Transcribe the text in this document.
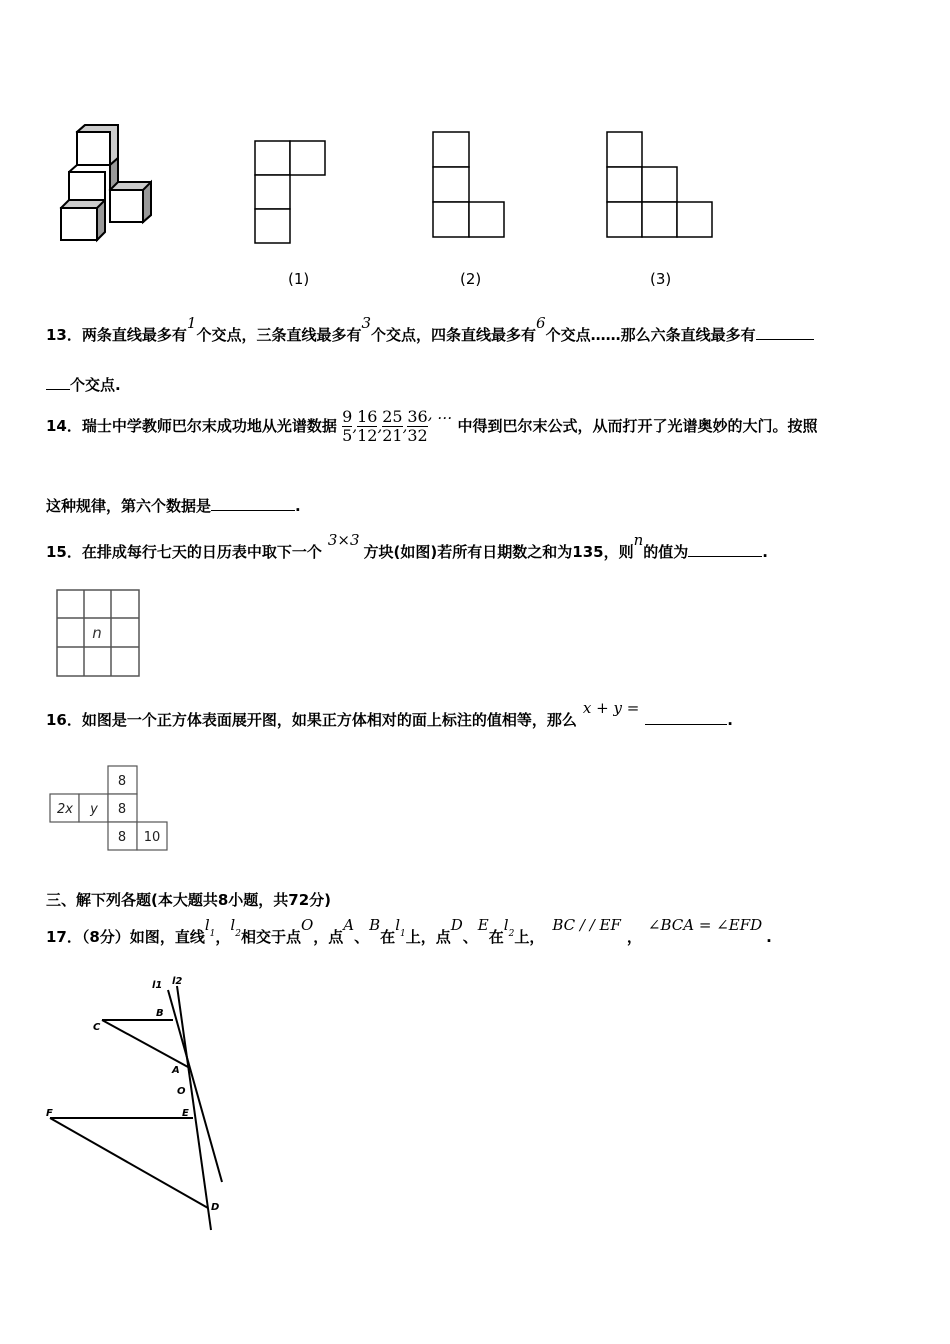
(1)	(2)	(3)
13．两条直线最多有1个交点，三条直线最多有3个交点，四条直线最多有6个交点……那么六条直线最多有
个交点.
14．瑞士中学教师巴尔末成功地从光谱数据 $\frac{9}{5}$ , $\frac{16}{12}$ , $\frac{25}{21}$ , $\frac{36}{32}$ , … 中得到巴尔末公式，从而打开了光谱奥妙的大门。按照
这种规律，第六个数据是	.
15．在排成每行七天的日历表中取下一个3×3方块(如图)若所有日期数之和为135，则n的值为	.
n
16．如图是一个正方体表面展开图，如果正方体相对的面上标注的值相等，那么x + y =.
8
2x y 8
8 10
三、解下列各题(本大题共8小题，共72分)
17．（8分）如图，直线$l_1$，$l_2$相交于点O，点A、B在$l_1$上，点D、E在$l_2$上，BC / / EF，∠BCA = ∠EFD.
l1 l2
B
C
A
O
E
F
D
